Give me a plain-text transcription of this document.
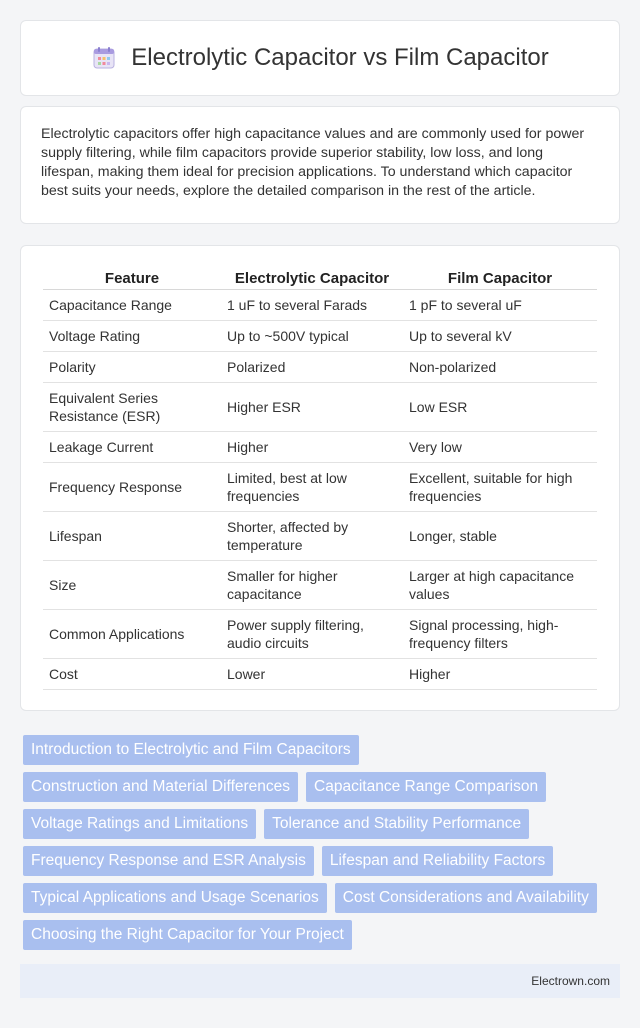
Electrolytic Capacitor vs Film Capacitor

Electrolytic capacitors offer high capacitance values and are commonly used for power supply filtering, while film capacitors provide superior stability, low loss, and long lifespan, making them ideal for precision applications. To understand which capacitor best suits your needs, explore the detailed comparison in the rest of the article.

Feature	Electrolytic Capacitor	Film Capacitor
Capacitance Range	1 uF to several Farads	1 pF to several uF
Voltage Rating	Up to ~500V typical	Up to several kV
Polarity	Polarized	Non-polarized
Equivalent Series Resistance (ESR)	Higher ESR	Low ESR
Leakage Current	Higher	Very low
Frequency Response	Limited, best at low frequencies	Excellent, suitable for high frequencies
Lifespan	Shorter, affected by temperature	Longer, stable
Size	Smaller for higher capacitance	Larger at high capacitance values
Common Applications	Power supply filtering, audio circuits	Signal processing, high-frequency filters
Cost	Lower	Higher
Introduction to Electrolytic and Film Capacitors
Construction and Material Differences	Capacitance Range Comparison
Voltage Ratings and Limitations	Tolerance and Stability Performance
Frequency Response and ESR Analysis	Lifespan and Reliability Factors
Typical Applications and Usage Scenarios	Cost Considerations and Availability
Choosing the Right Capacitor for Your Project
Electrown.com
